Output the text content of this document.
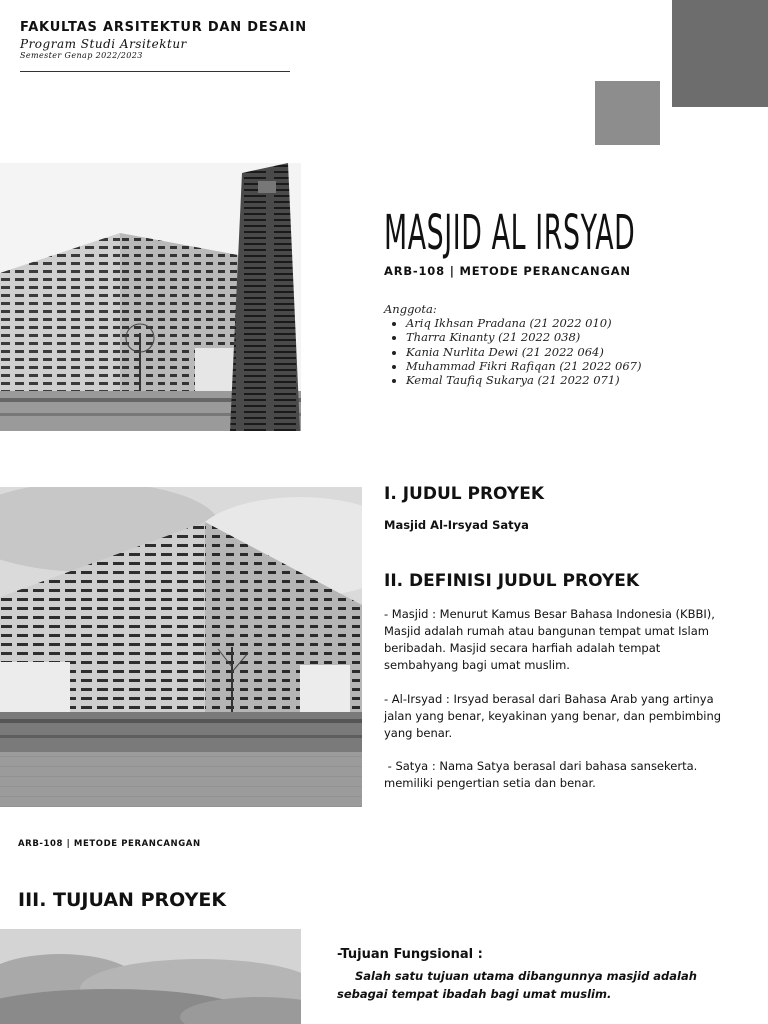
FAKULTAS ARSITEKTUR DAN DESAIN
Program Studi Arsitektur
Semester Genap 2022/2023
MASJID AL IRSYAD
ARB-108 | METODE PERANCANGAN
Anggota:
• Ariq Ikhsan Pradana (21 2022 010)
• Tharra Kinanty (21 2022 038)
• Kania Nurlita Dewi (21 2022 064)
• Muhammad Fikri Rafiqan (21 2022 067)
• Kemal Taufiq Sukarya (21 2022 071)
I. JUDUL PROYEK
Masjid Al-Irsyad Satya
II. DEFINISI JUDUL PROYEK
- Masjid : Menurut Kamus Besar Bahasa Indonesia (KBBI), Masjid adalah rumah atau bangunan tempat umat Islam beribadah. Masjid secara harfiah adalah tempat sembahyang bagi umat muslim.
- Al-Irsyad : Irsyad berasal dari Bahasa Arab yang artinya jalan yang benar, keyakinan yang benar, dan pembimbing yang benar.
- Satya : Nama Satya berasal dari bahasa sansekerta. memiliki pengertian setia dan benar.
ARB-108 | METODE PERANCANGAN
III. TUJUAN PROYEK
-Tujuan Fungsional :
Salah satu tujuan utama dibangunnya masjid adalah sebagai tempat ibadah bagi umat muslim.
